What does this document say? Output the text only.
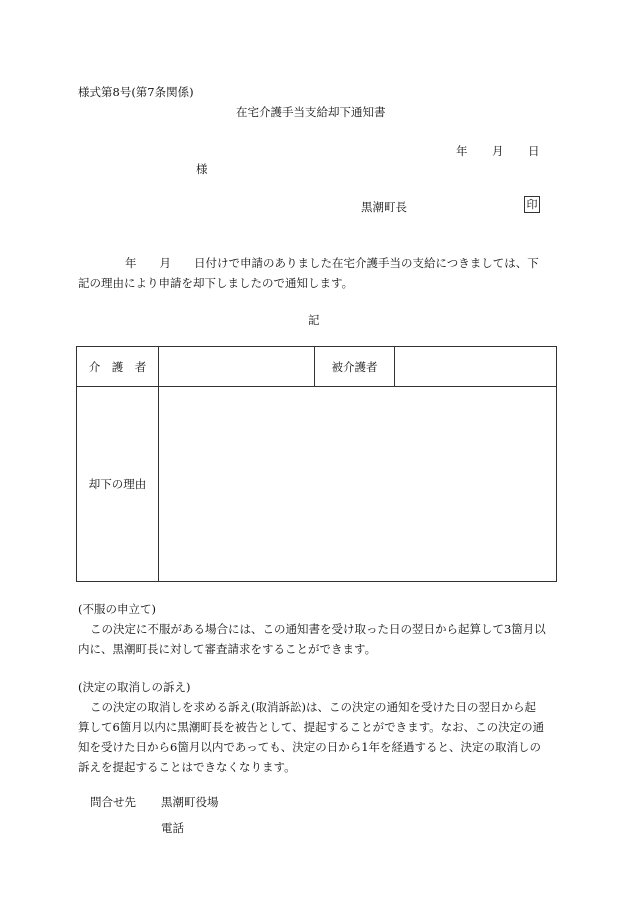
様式第8号(第7条関係)
在宅介護手当支給却下通知書
年 月 日
様
黒潮町長	印

年　　月　　日付けで申請のありました在宅介護手当の支給につきましては、下

記の理由により申請を却下しましたので通知します。

記
介　護　者		被介護者	
却下の理由			

(不服の申立て)

この決定に不服がある場合には、この通知書を受け取った日の翌日から起算して3箇月以

内に、黒潮町長に対して審査請求をすることができます。

(決定の取消しの訴え)

この決定の取消しを求める訴え(取消訴訟)は、この決定の通知を受けた日の翌日から起

算して6箇月以内に黒潮町長を被告として、提起することができます。なお、この決定の通

知を受けた日から6箇月以内であっても、決定の日から1年を経過すると、決定の取消しの

訴えを提起することはできなくなります。

問合せ先 黒潮町役場
電話
